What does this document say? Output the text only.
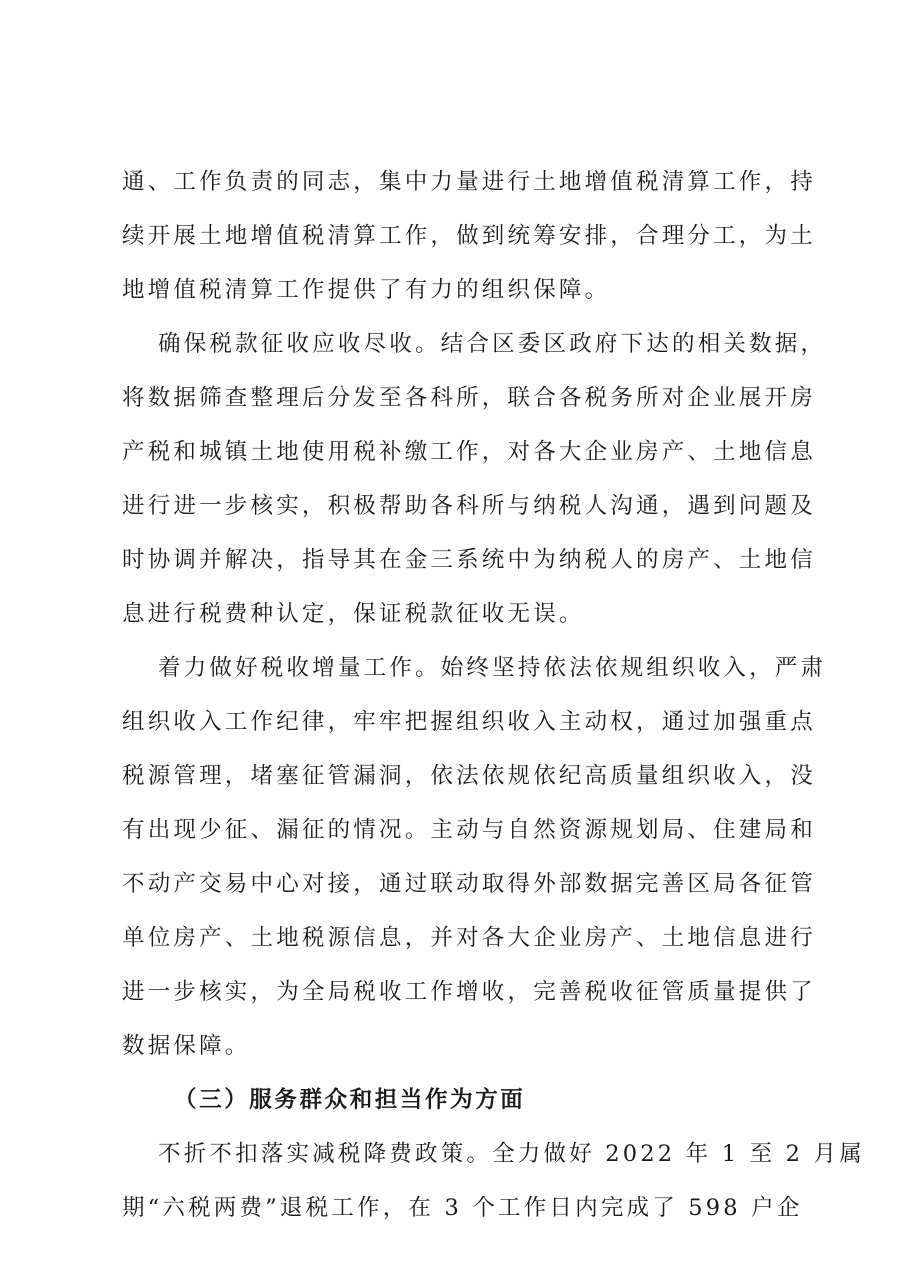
通、工作负责的同志，集中力量进行土地增值税清算工作，持
续开展土地增值税清算工作，做到统筹安排，合理分工，为土
地增值税清算工作提供了有力的组织保障。
确保税款征收应收尽收。结合区委区政府下达的相关数据，
将数据筛查整理后分发至各科所，联合各税务所对企业展开房
产税和城镇土地使用税补缴工作，对各大企业房产、土地信息
进行进一步核实，积极帮助各科所与纳税人沟通，遇到问题及
时协调并解决，指导其在金三系统中为纳税人的房产、土地信
息进行税费种认定，保证税款征收无误。
着力做好税收增量工作。始终坚持依法依规组织收入，严肃
组织收入工作纪律，牢牢把握组织收入主动权，通过加强重点
税源管理，堵塞征管漏洞，依法依规依纪高质量组织收入，没
有出现少征、漏征的情况。主动与自然资源规划局、住建局和
不动产交易中心对接，通过联动取得外部数据完善区局各征管
单位房产、土地税源信息，并对各大企业房产、土地信息进行
进一步核实，为全局税收工作增收，完善税收征管质量提供了
数据保障。
（三）服务群众和担当作为方面
不折不扣落实减税降费政策。全力做好 2022 年 1 至 2 月属
期“六税两费”退税工作，在 3 个工作日内完成了 598 户企
